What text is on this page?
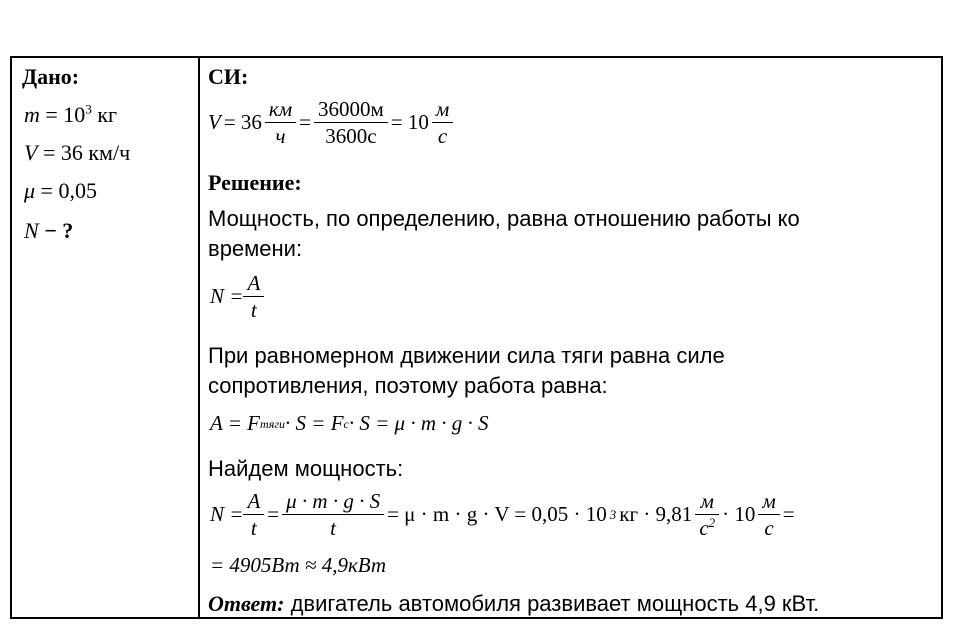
Дано:
$m = 10^3$ кг
V = 36 км/ч
μ = 0,05
N − ?
СИ:
$V = 36 \frac{км}{ч} = \frac{36000м}{3600с} = 10 \frac{м}{с}$
Решение:
Мощность, по определению, равна отношению работы ко
времени:
$N = \frac{A}{t}$
При равномерном движении сила тяги равна силе
сопротивления, поэтому работа равна:
A = F тяги · S = F с · S = μ · m · g · S
Найдем мощность:
$N = \frac{A}{t} = \frac{\mu \cdot m \cdot g \cdot S}{t} = \mu \cdot m \cdot g \cdot V = 0,05 \cdot 10$ 3 кг · $9,81 \frac{м}{с^2} \cdot 10 \frac{м}{с}$ =
= 4905Вт ≈ 4,9кВт
Ответ: двигатель автомобиля развивает мощность 4,9 кВт.
